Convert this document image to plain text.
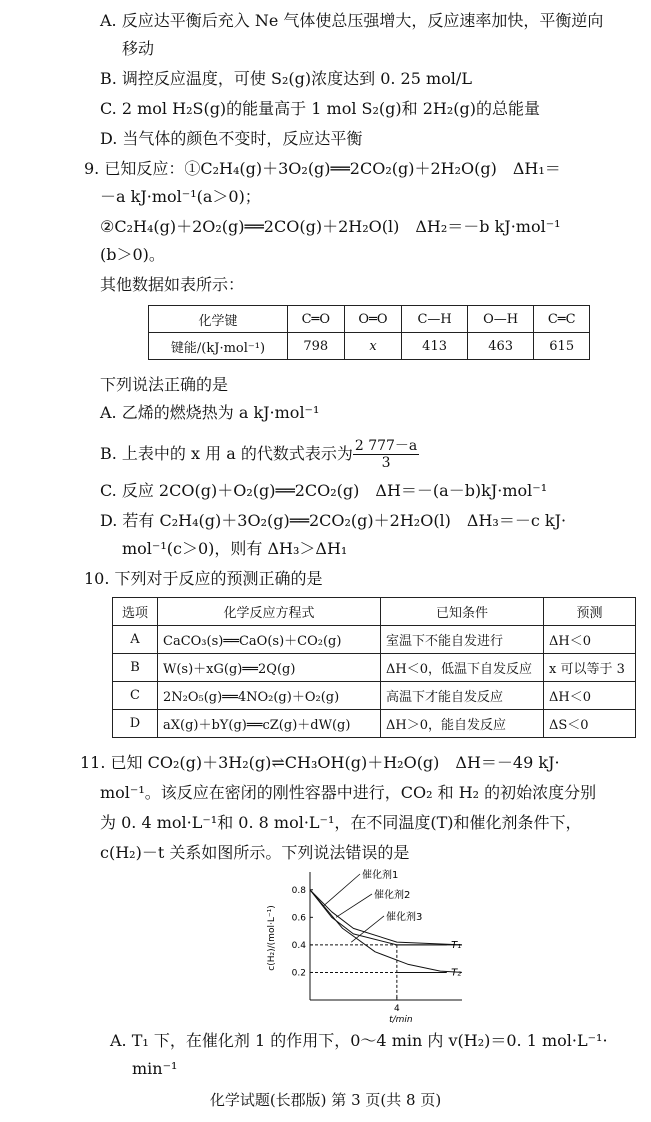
A. 反应达平衡后充入 Ne 气体使总压强增大，反应速率加快，平衡逆向
移动
B. 调控反应温度，可使 S₂(g)浓度达到 0. 25 mol/L
C. 2 mol H₂S(g)的能量高于 1 mol S₂(g)和 2H₂(g)的总能量
D. 当气体的颜色不变时，反应达平衡
9. 已知反应：①C₂H₄(g)＋3O₂(g)══2CO₂(g)＋2H₂O(g)　ΔH₁＝
－a kJ·mol⁻¹(a＞0)；
②C₂H₄(g)＋2O₂(g)══2CO(g)＋2H₂O(l)　ΔH₂＝－b kJ·mol⁻¹
(b＞0)。
其他数据如表所示：
化学键	C═O	O═O	C—H	O—H	C═C
键能/(kJ·mol⁻¹)	798	x	413	463	615
下列说法正确的是
A. 乙烯的燃烧热为 a kJ·mol⁻¹
B. 上表中的 x 用 a 的代数式表示为 $\frac{2 777-a}{3}$
C. 反应 2CO(g)＋O₂(g)══2CO₂(g)　ΔH＝－(a－b)kJ·mol⁻¹
D. 若有 C₂H₄(g)＋3O₂(g)══2CO₂(g)＋2H₂O(l)　ΔH₃＝－c kJ·
mol⁻¹(c＞0)，则有 ΔH₃＞ΔH₁
10. 下列对于反应的预测正确的是
选项	化学反应方程式	已知条件	预测
A	CaCO₃(s)══CaO(s)＋CO₂(g)	室温下不能自发进行	ΔH＜0
B	W(s)＋xG(g)══2Q(g)	ΔH＜0，低温下自发反应	x 可以等于 3
C	2N₂O₅(g)══4NO₂(g)＋O₂(g)	高温下才能自发反应	ΔH＜0
D	aX(g)＋bY(g)══cZ(g)＋dW(g)	ΔH＞0，能自发反应	ΔS＜0
11. 已知 CO₂(g)＋3H₂(g)⇌CH₃OH(g)＋H₂O(g)　ΔH＝－49 kJ·
mol⁻¹。该反应在密闭的刚性容器中进行，CO₂ 和 H₂ 的初始浓度分别
为 0. 4 mol·L⁻¹和 0. 8 mol·L⁻¹，在不同温度(T)和催化剂条件下，
c(H₂)－t 关系如图所示。下列说法错误的是
0.8
0.6
0.4
0.2
4
T₁
T₂
催化剂1
催化剂2
催化剂3
t/min
c(H₂)/(mol·L⁻¹)
A. T₁ 下，在催化剂 1 的作用下，0～4 min 内 v(H₂)＝0. 1 mol·L⁻¹·
min⁻¹
化学试题(长郡版) 第 3 页(共 8 页)
